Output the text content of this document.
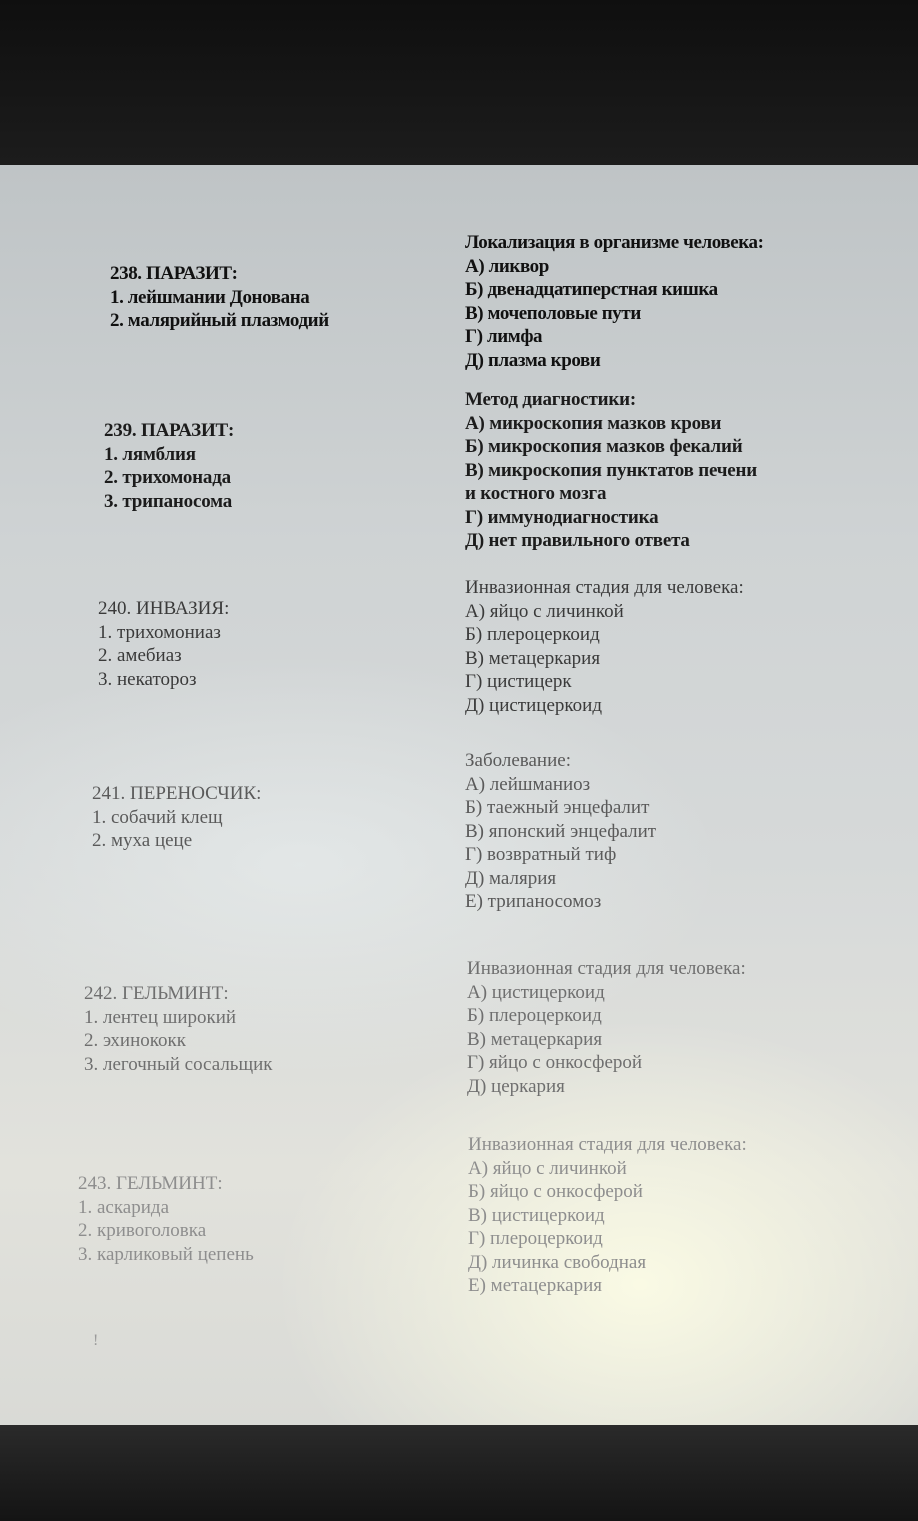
238. ПАРАЗИТ:
1. лейшмании Донована
2. малярийный плазмодий
Локализация в организме человека:
А) ликвор
Б) двенадцатиперстная кишка
В) мочеполовые пути
Г) лимфа
Д) плазма крови
239. ПАРАЗИТ:
1. лямблия
2. трихомонада
3. трипаносома
Метод диагностики:
А) микроскопия мазков крови
Б) микроскопия мазков фекалий
В) микроскопия пунктатов печени
и костного мозга
Г) иммунодиагностика
Д) нет правильного ответа
240. ИНВАЗИЯ:
1. трихомониаз
2. амебиаз
3. некатороз
Инвазионная стадия для человека:
А) яйцо с личинкой
Б) плероцеркоид
В) метацеркария
Г) цистицерк
Д) цистицеркоид
241. ПЕРЕНОСЧИК:
1. собачий клещ
2. муха цеце
Заболевание:
А) лейшманиоз
Б) таежный энцефалит
В) японский энцефалит
Г) возвратный тиф
Д) малярия
Е) трипаносомоз
242. ГЕЛЬМИНТ:
1. лентец широкий
2. эхинококк
3. легочный сосальщик
Инвазионная стадия для человека:
А) цистицеркоид
Б) плероцеркоид
В) метацеркария
Г) яйцо с онкосферой
Д) церкария
243. ГЕЛЬМИНТ:
1. аскарида
2. кривоголовка
3. карликовый цепень
Инвазионная стадия для человека:
А) яйцо с личинкой
Б) яйцо с онкосферой
В) цистицеркоид
Г) плероцеркоид
Д) личинка свободная
Е) метацеркария
!
